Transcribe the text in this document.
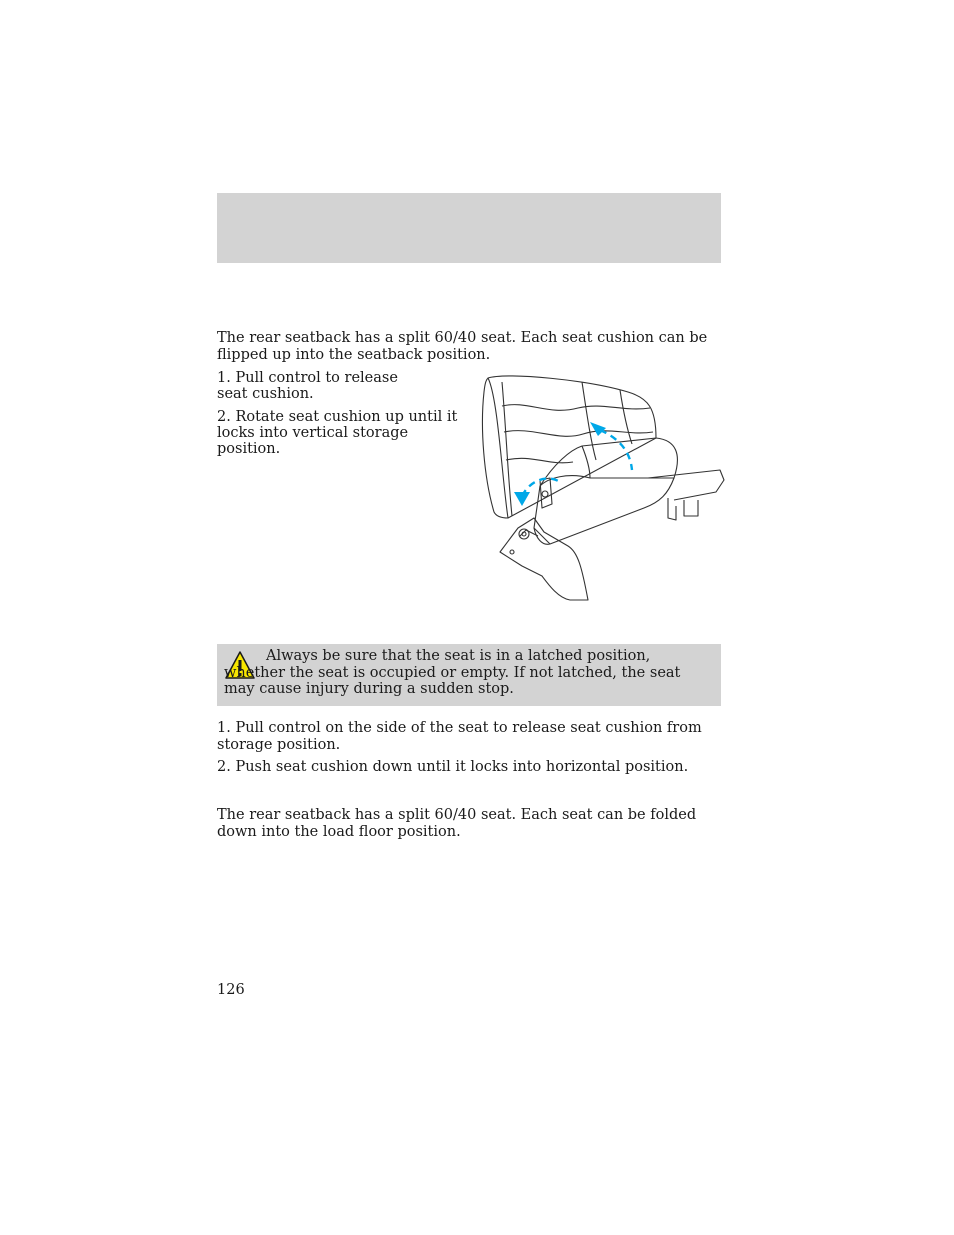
The rear seatback has a split 60/40 seat. Each seat cushion can be flipped up into the seatback position.

1. Pull control to release seat cushion.

2. Rotate seat cushion up until it locks into vertical storage position.

Always be sure that the seat is in a latched position, whether the seat is occupied or empty. If not latched, the seat may cause injury during a sudden stop.

1. Pull control on the side of the seat to release seat cushion from storage position.

2. Push seat cushion down until it locks into horizontal position.

The rear seatback has a split 60/40 seat. Each seat can be folded down into the load floor position.

126
